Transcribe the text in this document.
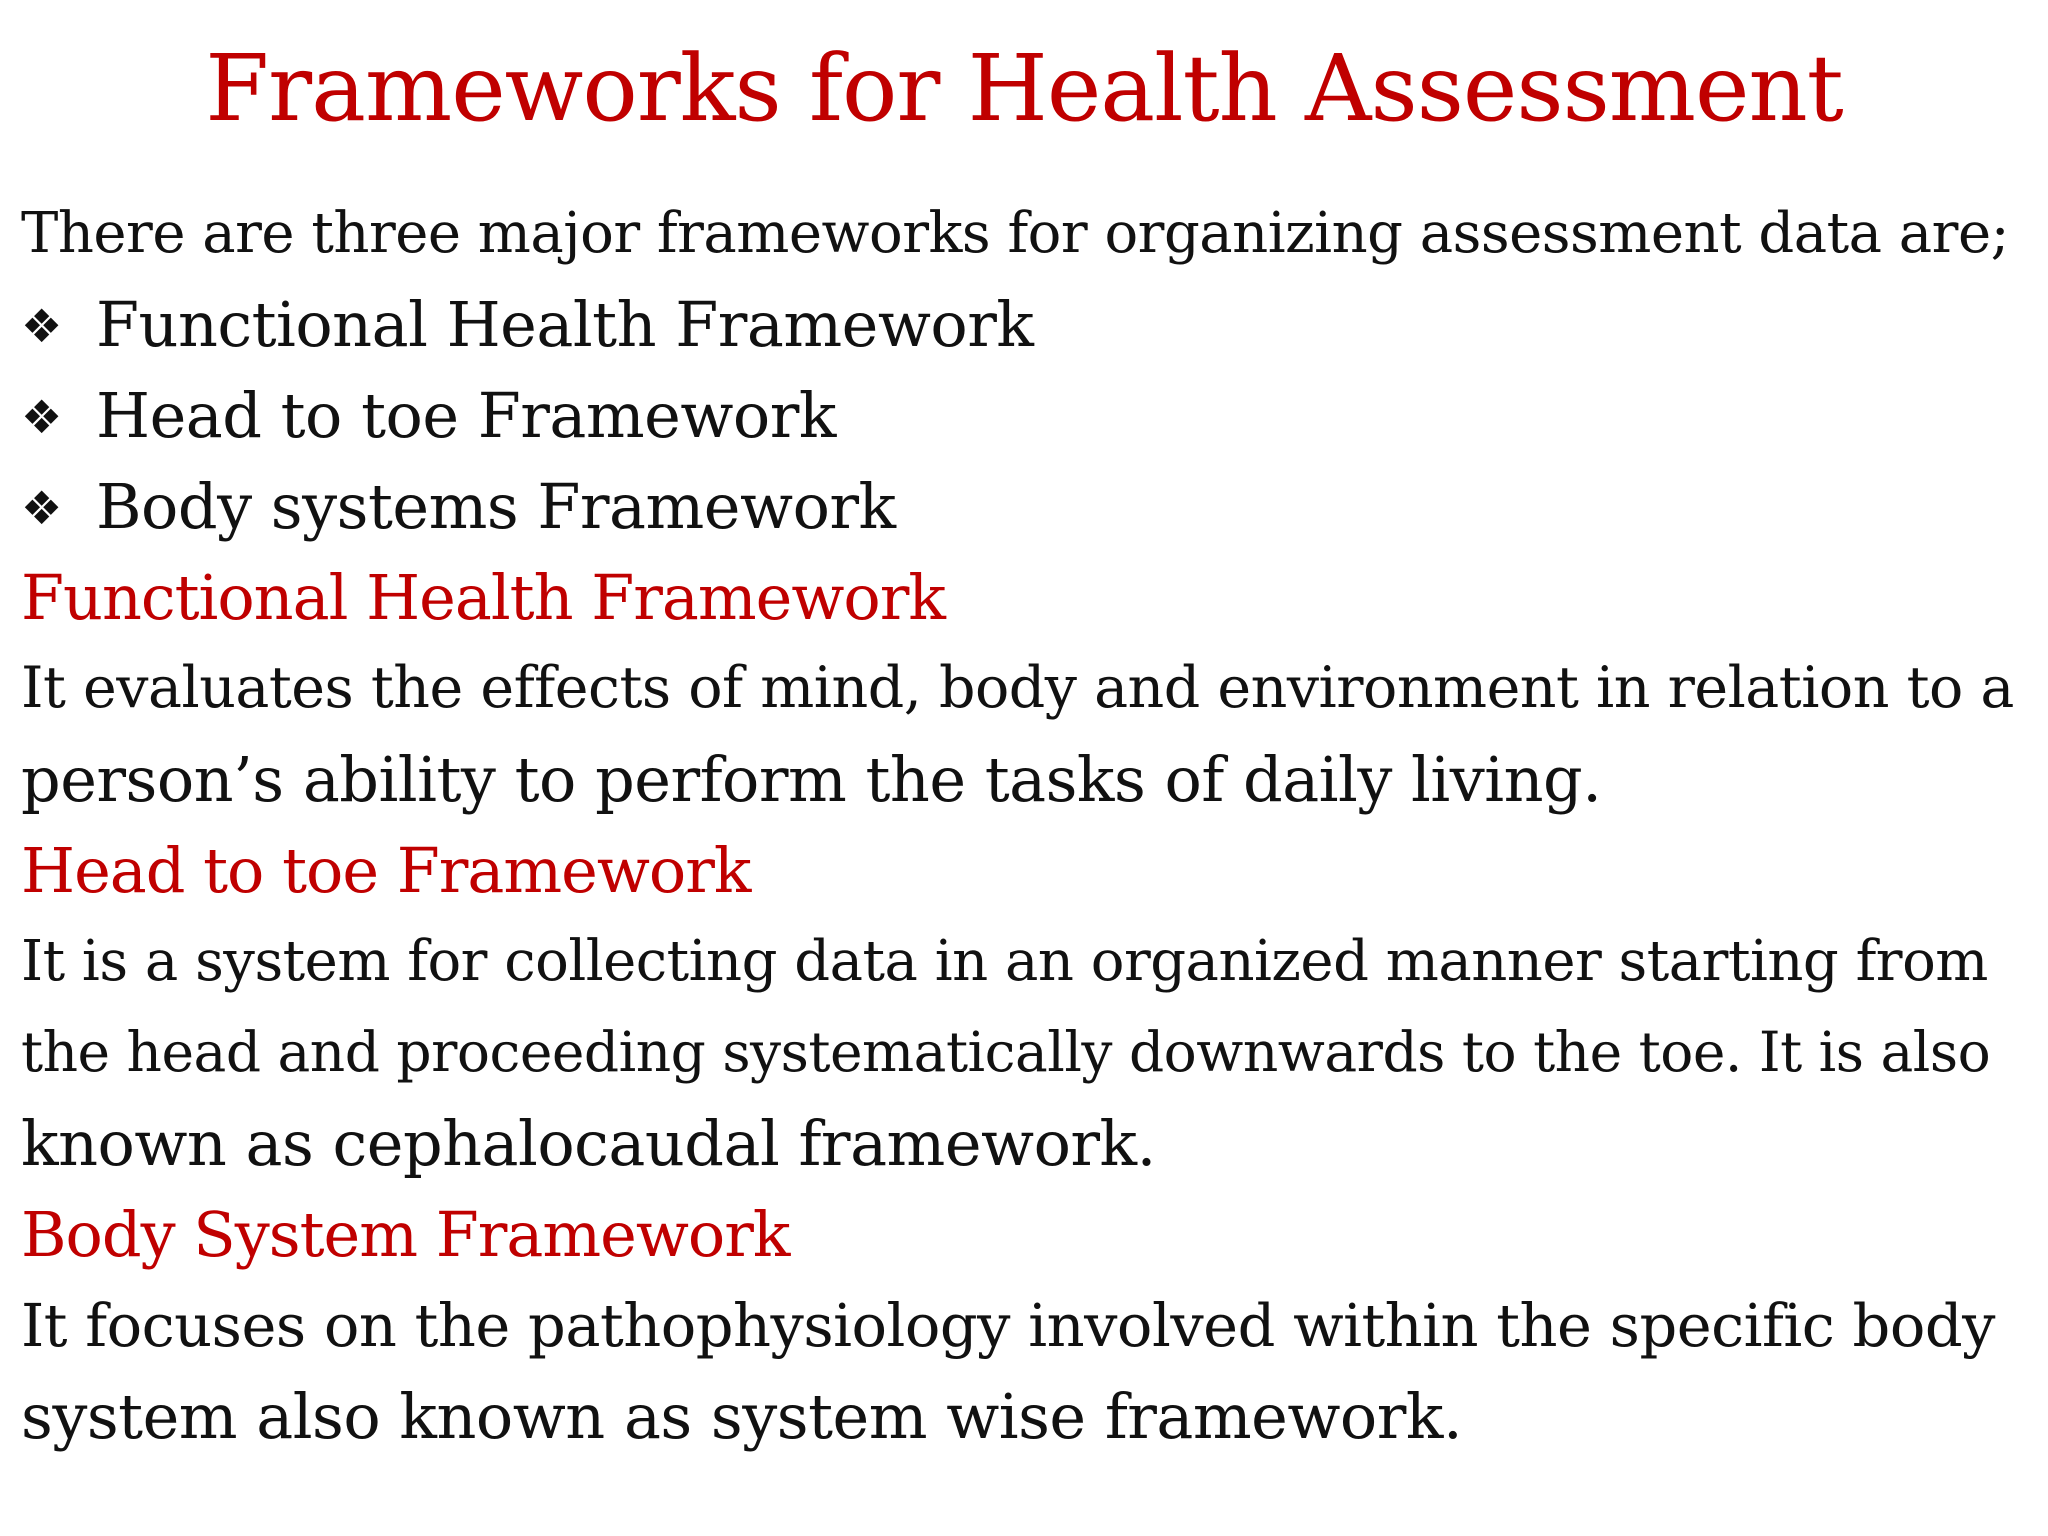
Frameworks for Health Assessment
There are three major frameworks for organizing assessment data are;
❖ Functional Health Framework
❖ Head to toe Framework
❖ Body systems Framework
Functional Health Framework
It evaluates the effects of mind, body and environment in relation to a
person’s ability to perform the tasks of daily living.
Head to toe Framework
It is a system for collecting data in an organized manner starting from
the head and proceeding systematically downwards to the toe. It is also
known as cephalocaudal framework.
Body System Framework
It focuses on the pathophysiology involved within the specific body
system also known as system wise framework.
